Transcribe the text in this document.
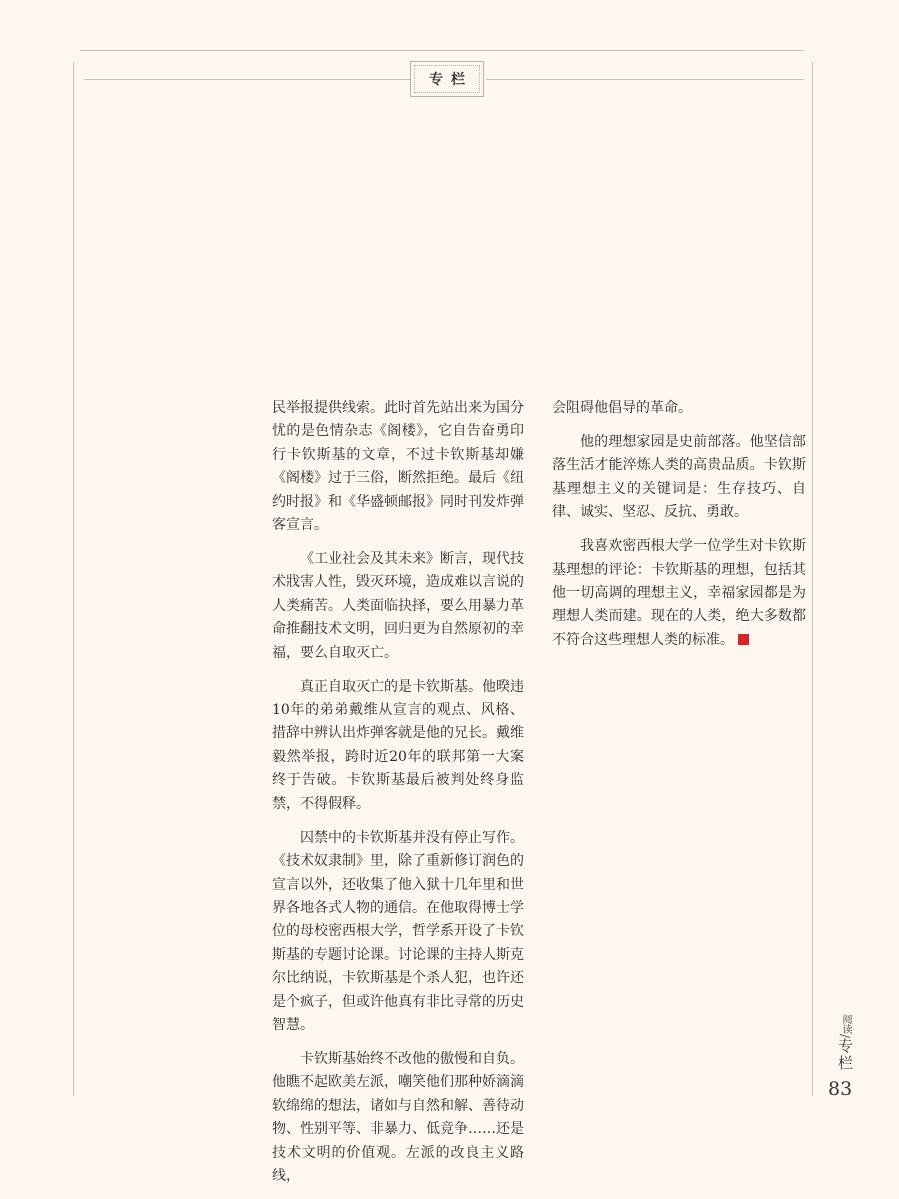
专栏

民举报提供线索。此时首先站出来为国分忧的是色情杂志《阁楼》，它自告奋勇印行卡钦斯基的文章，不过卡钦斯基却嫌《阁楼》过于三俗，断然拒绝。最后《纽约时报》和《华盛顿邮报》同时刊发炸弹客宣言。

《工业社会及其未来》断言，现代技术戕害人性，毁灭环境，造成难以言说的人类痛苦。人类面临抉择，要么用暴力革命推翻技术文明，回归更为自然原初的幸福，要么自取灭亡。

真正自取灭亡的是卡钦斯基。他暌违10年的弟弟戴维从宣言的观点、风格、措辞中辨认出炸弹客就是他的兄长。戴维毅然举报，跨时近20年的联邦第一大案终于告破。卡钦斯基最后被判处终身监禁，不得假释。

囚禁中的卡钦斯基并没有停止写作。《技术奴隶制》里，除了重新修订润色的宣言以外，还收集了他入狱十几年里和世界各地各式人物的通信。在他取得博士学位的母校密西根大学，哲学系开设了卡钦斯基的专题讨论课。讨论课的主持人斯克尔比纳说，卡钦斯基是个杀人犯，也许还是个疯子，但或许他真有非比寻常的历史智慧。

卡钦斯基始终不改他的傲慢和自负。他瞧不起欧美左派，嘲笑他们那种娇滴滴软绵绵的想法，诸如与自然和解、善待动物、性别平等、非暴力、低竞争……还是技术文明的价值观。左派的改良主义路线，

会阻碍他倡导的革命。

他的理想家园是史前部落。他坚信部落生活才能淬炼人类的高贵品质。卡钦斯基理想主义的关键词是：生存技巧、自律、诚实、坚忍、反抗、勇敢。

我喜欢密西根大学一位学生对卡钦斯基理想的评论：卡钦斯基的理想，包括其他一切高调的理想主义，幸福家园都是为理想人类而建。现在的人类，绝大多数都不符合这些理想人类的标准。

阅读/专栏
83
